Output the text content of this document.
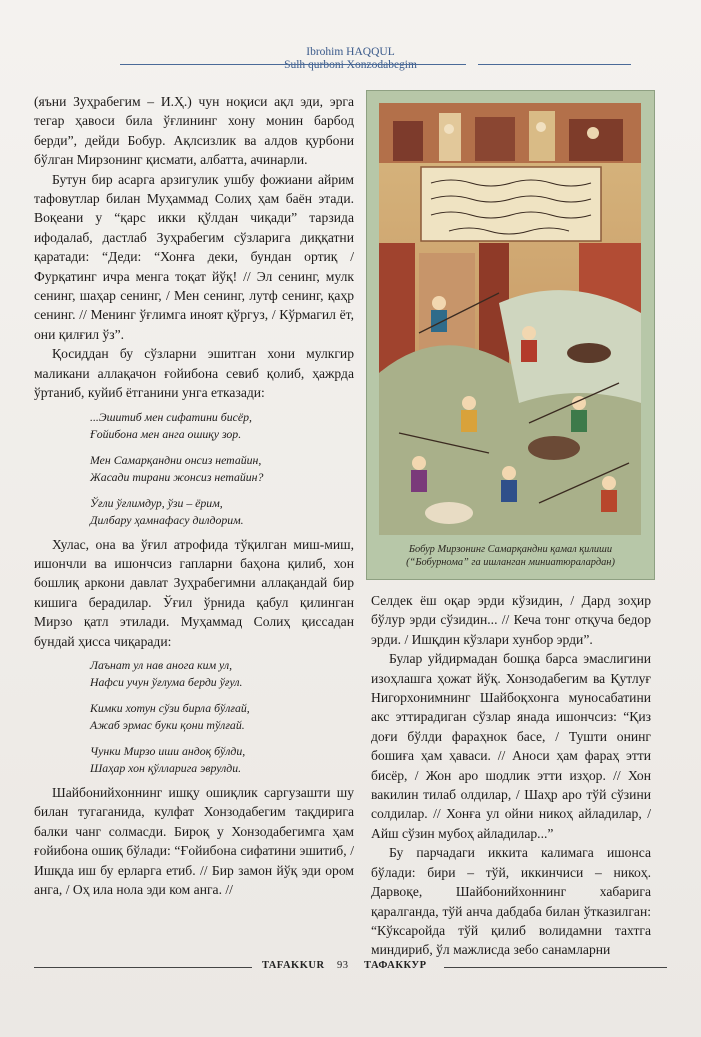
Ibrohim HAQQUL
Sulh qurboni Xonzodabegim

(яъни Зуҳрабегим – И.Ҳ.) чун ноқиси ақл эди, эрга тегар ҳавоси била ўғлининг хону монин барбод берди”, дейди Бобур. Ақлсизлик ва алдов қурбони бўлган Мирзонинг қисмати, албатта, ачинарли.

Бутун бир асарга арзигулик ушбу фожиани айрим тафовутлар билан Муҳаммад Солиҳ ҳам баён этади. Воқеани у “қарс икки қўлдан чиқади” тарзида ифодалаб, дастлаб Зуҳрабегим сўзларига диққатни қаратади: “Деди: “Хонға деки, бундан ортиқ / Фурқатинг ичра менга тоқат йўқ! // Эл сенинг, мулк сенинг, шаҳар сенинг, / Мен сенинг, лутф сенинг, қаҳр сенинг. // Менинг ўғлимга иноят қўргуз, / Кўрмагил ёт, они қилғил ўз”.

Қосиддан бу сўзларни эшитган хони мулкгир маликани аллақачон ғойибона севиб қолиб, ҳажрда ўртаниб, куйиб ётганини унга етказади:

...Эшитиб мен сифатини бисёр,
Ғойибона мен анга ошиқу зор.
Мен Самарқандни онсиз нетайин,
Жасади тирани жонсиз нетайин?
Ўғли ўғлимдур, ўзи – ёрим,
Дилбару ҳамнафасу дилдорим.

Хулас, она ва ўғил атрофида тўқилган миш-миш, ишончли ва ишончсиз гапларни баҳона қилиб, хон бошлиқ аркони давлат Зуҳрабегимни аллақандай бир кишига берадилар. Ўғил ўрнида қабул қилинган Мирзо қатл этилади. Муҳаммад Солиҳ қиссадан бундай ҳисса чиқаради:

Лаънат ул нав анога ким ул,
Нафси учун ўғлума берди ўғул.
Кимки хотун сўзи бирла бўлғай,
Ажаб эрмас буки қони тўлғай.
Чунки Мирзо иши андоқ бўлди,
Шаҳар хон қўлларига эврулди.

Шайбонийхоннинг ишқу ошиқлик саргузашти шу билан тугаганида, кулфат Хонзодабегим тақдирига балки чанг солмасди. Бироқ у Хонзодабегимга ҳам ғойибона ошиқ бўлади: “Ғойибона сифатини эшитиб, / Ишқда иш бу ерларга етиб. // Бир замон йўқ эди ором анга, / Оҳ ила нола эди ком анга. //

Бобур Мирзонинг Самарқандни қамал қилиши
(“Бобурнома” га ишланган миниатюралардан)

Селдек ёш оқар эрди кўзидин, / Дард зоҳир бўлур эрди сўзидин... // Кеча тонг отқуча бедор эрди. / Ишқдин кўзлари хунбор эрди”.

Булар уйдирмадан бошқа барса эмаслигини изоҳлашга ҳожат йўқ. Хонзодабегим ва Қутлуғ Нигорхонимнинг Шайбоқхонга муносабатини акс эттирадиган сўзлар янада ишончсиз: “Қиз доғи бўлди фараҳнок басе, / Тушти онинг бошиға ҳам ҳаваси. // Аноси ҳам фараҳ этти бисёр, / Жон аро шодлик этти изҳор. // Хон вакилин тилаб олдилар, / Шаҳр аро тўй сўзини солдилар. // Хонға ул ойни никоҳ айладилар, / Айш сўзин мубоҳ айладилар...”

Бу парчадаги иккита калимага ишонса бўлади: бири – тўй, иккинчиси – никоҳ. Дарвоқе, Шайбонийхоннинг хабарига қаралганда, тўй анча дабдаба билан ўтказилган: “Кўксаройда тўй қилиб волидамни тахтга миндириб, ўл мажлисда зебо санамларни

TAFAKKUR 93 ТАФАККУР
